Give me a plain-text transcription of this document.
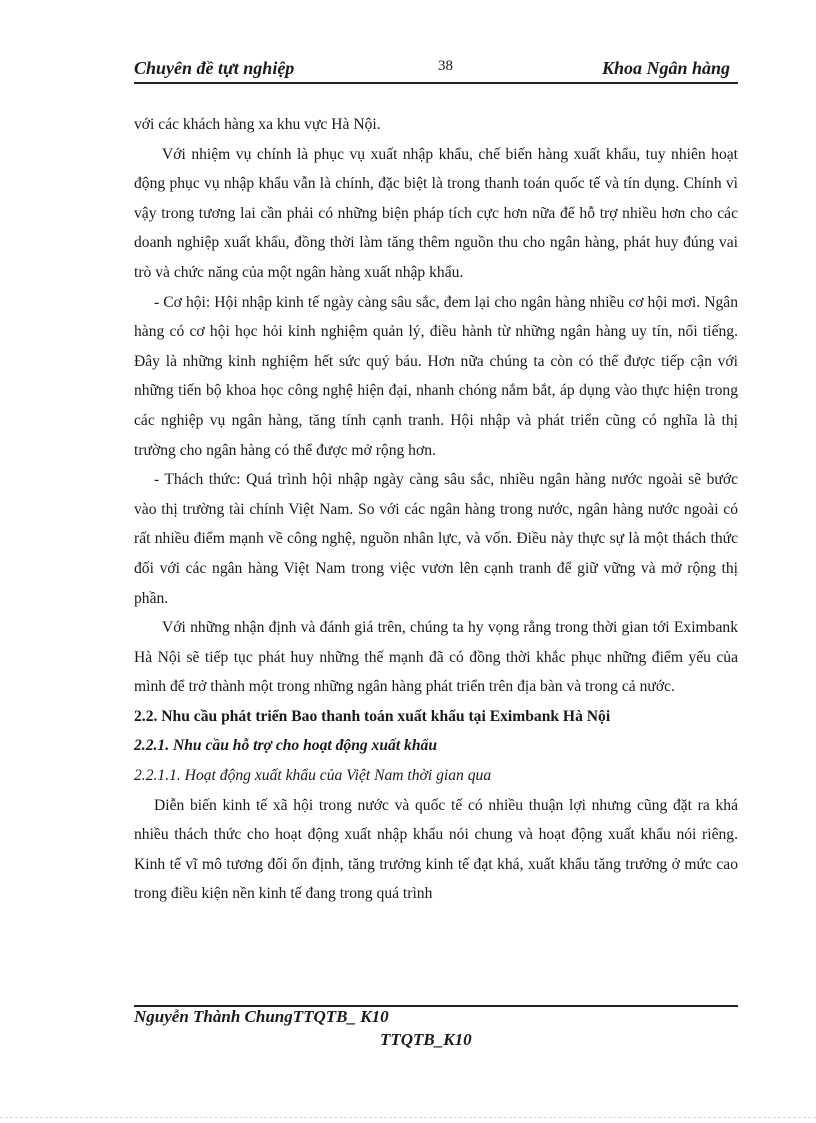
Chuyên đề tựt nghiệp	38	Khoa Ngân hàng

với các khách hàng xa khu vực Hà Nội.

Với nhiệm vụ chính là phục vụ xuất nhập khẩu, chế biến hàng xuất khẩu, tuy nhiên hoạt động phục vụ nhập khẩu vẫn là chính, đặc biệt là trong thanh toán quốc tế và tín dụng. Chính vì vậy trong tương lai cần phải có những biện pháp tích cực hơn nữa để hỗ trợ nhiều hơn cho các doanh nghiệp xuất khẩu, đồng thời làm tăng thêm nguồn thu cho ngân hàng, phát huy đúng vai trò và chức năng của một ngân hàng xuất nhập khẩu.

- Cơ hội: Hội nhập kinh tế ngày càng sâu sắc, đem lại cho ngân hàng nhiều cơ hội mơi. Ngân hàng có cơ hội học hỏi kinh nghiệm quản lý, điều hành từ những ngân hàng uy tín, nổi tiếng. Đây là những kinh nghiệm hết sức quý báu. Hơn nữa chúng ta còn có thể được tiếp cận với những tiến bộ khoa học công nghệ hiện đại, nhanh chóng nắm bắt, áp dụng vào thực hiện trong các nghiệp vụ ngân hàng, tăng tính cạnh tranh. Hội nhập và phát triển cũng có nghĩa là thị trường cho ngân hàng có thể được mở rộng hơn.

- Thách thức: Quá trình hội nhập ngày càng sâu sắc, nhiều ngân hàng nước ngoài sẽ bước vào thị trường tài chính Việt Nam. So với các ngân hàng trong nước, ngân hàng nước ngoài có rất nhiều điểm mạnh về công nghệ, nguồn nhân lực, và vốn. Điều này thực sự là một thách thức đối với các ngân hàng Việt Nam trong việc vươn lên cạnh tranh để giữ vững và mở rộng thị phần.

Với những nhận định và đánh giá trên, chúng ta hy vọng rằng trong thời gian tới Eximbank Hà Nội sẽ tiếp tục phát huy những thế mạnh đã có đồng thời khắc phục những điểm yếu của mình để trở thành một trong những ngân hàng phát triển trên địa bàn và trong cả nước.

2.2. Nhu cầu phát triển Bao thanh toán xuất khẩu tại Eximbank Hà Nội

2.2.1. Nhu cầu hỗ trợ cho hoạt động xuất khẩu

2.2.1.1. Hoạt động xuất khẩu của Việt Nam thời gian qua

Diễn biến kinh tế xã hội trong nước và quốc tế có nhiều thuận lợi nhưng cũng đặt ra khá nhiều thách thức cho hoạt động xuất nhập khẩu nói chung và hoạt động xuất khẩu nói riêng. Kinh tế vĩ mô tương đối ổn định, tăng trưởng kinh tế đạt khá, xuất khẩu tăng trưởng ở mức cao trong điều kiện nền kinh tế đang trong quá trình

Nguyễn Thành ChungTTQTB_ K10
TTQTB_K10
